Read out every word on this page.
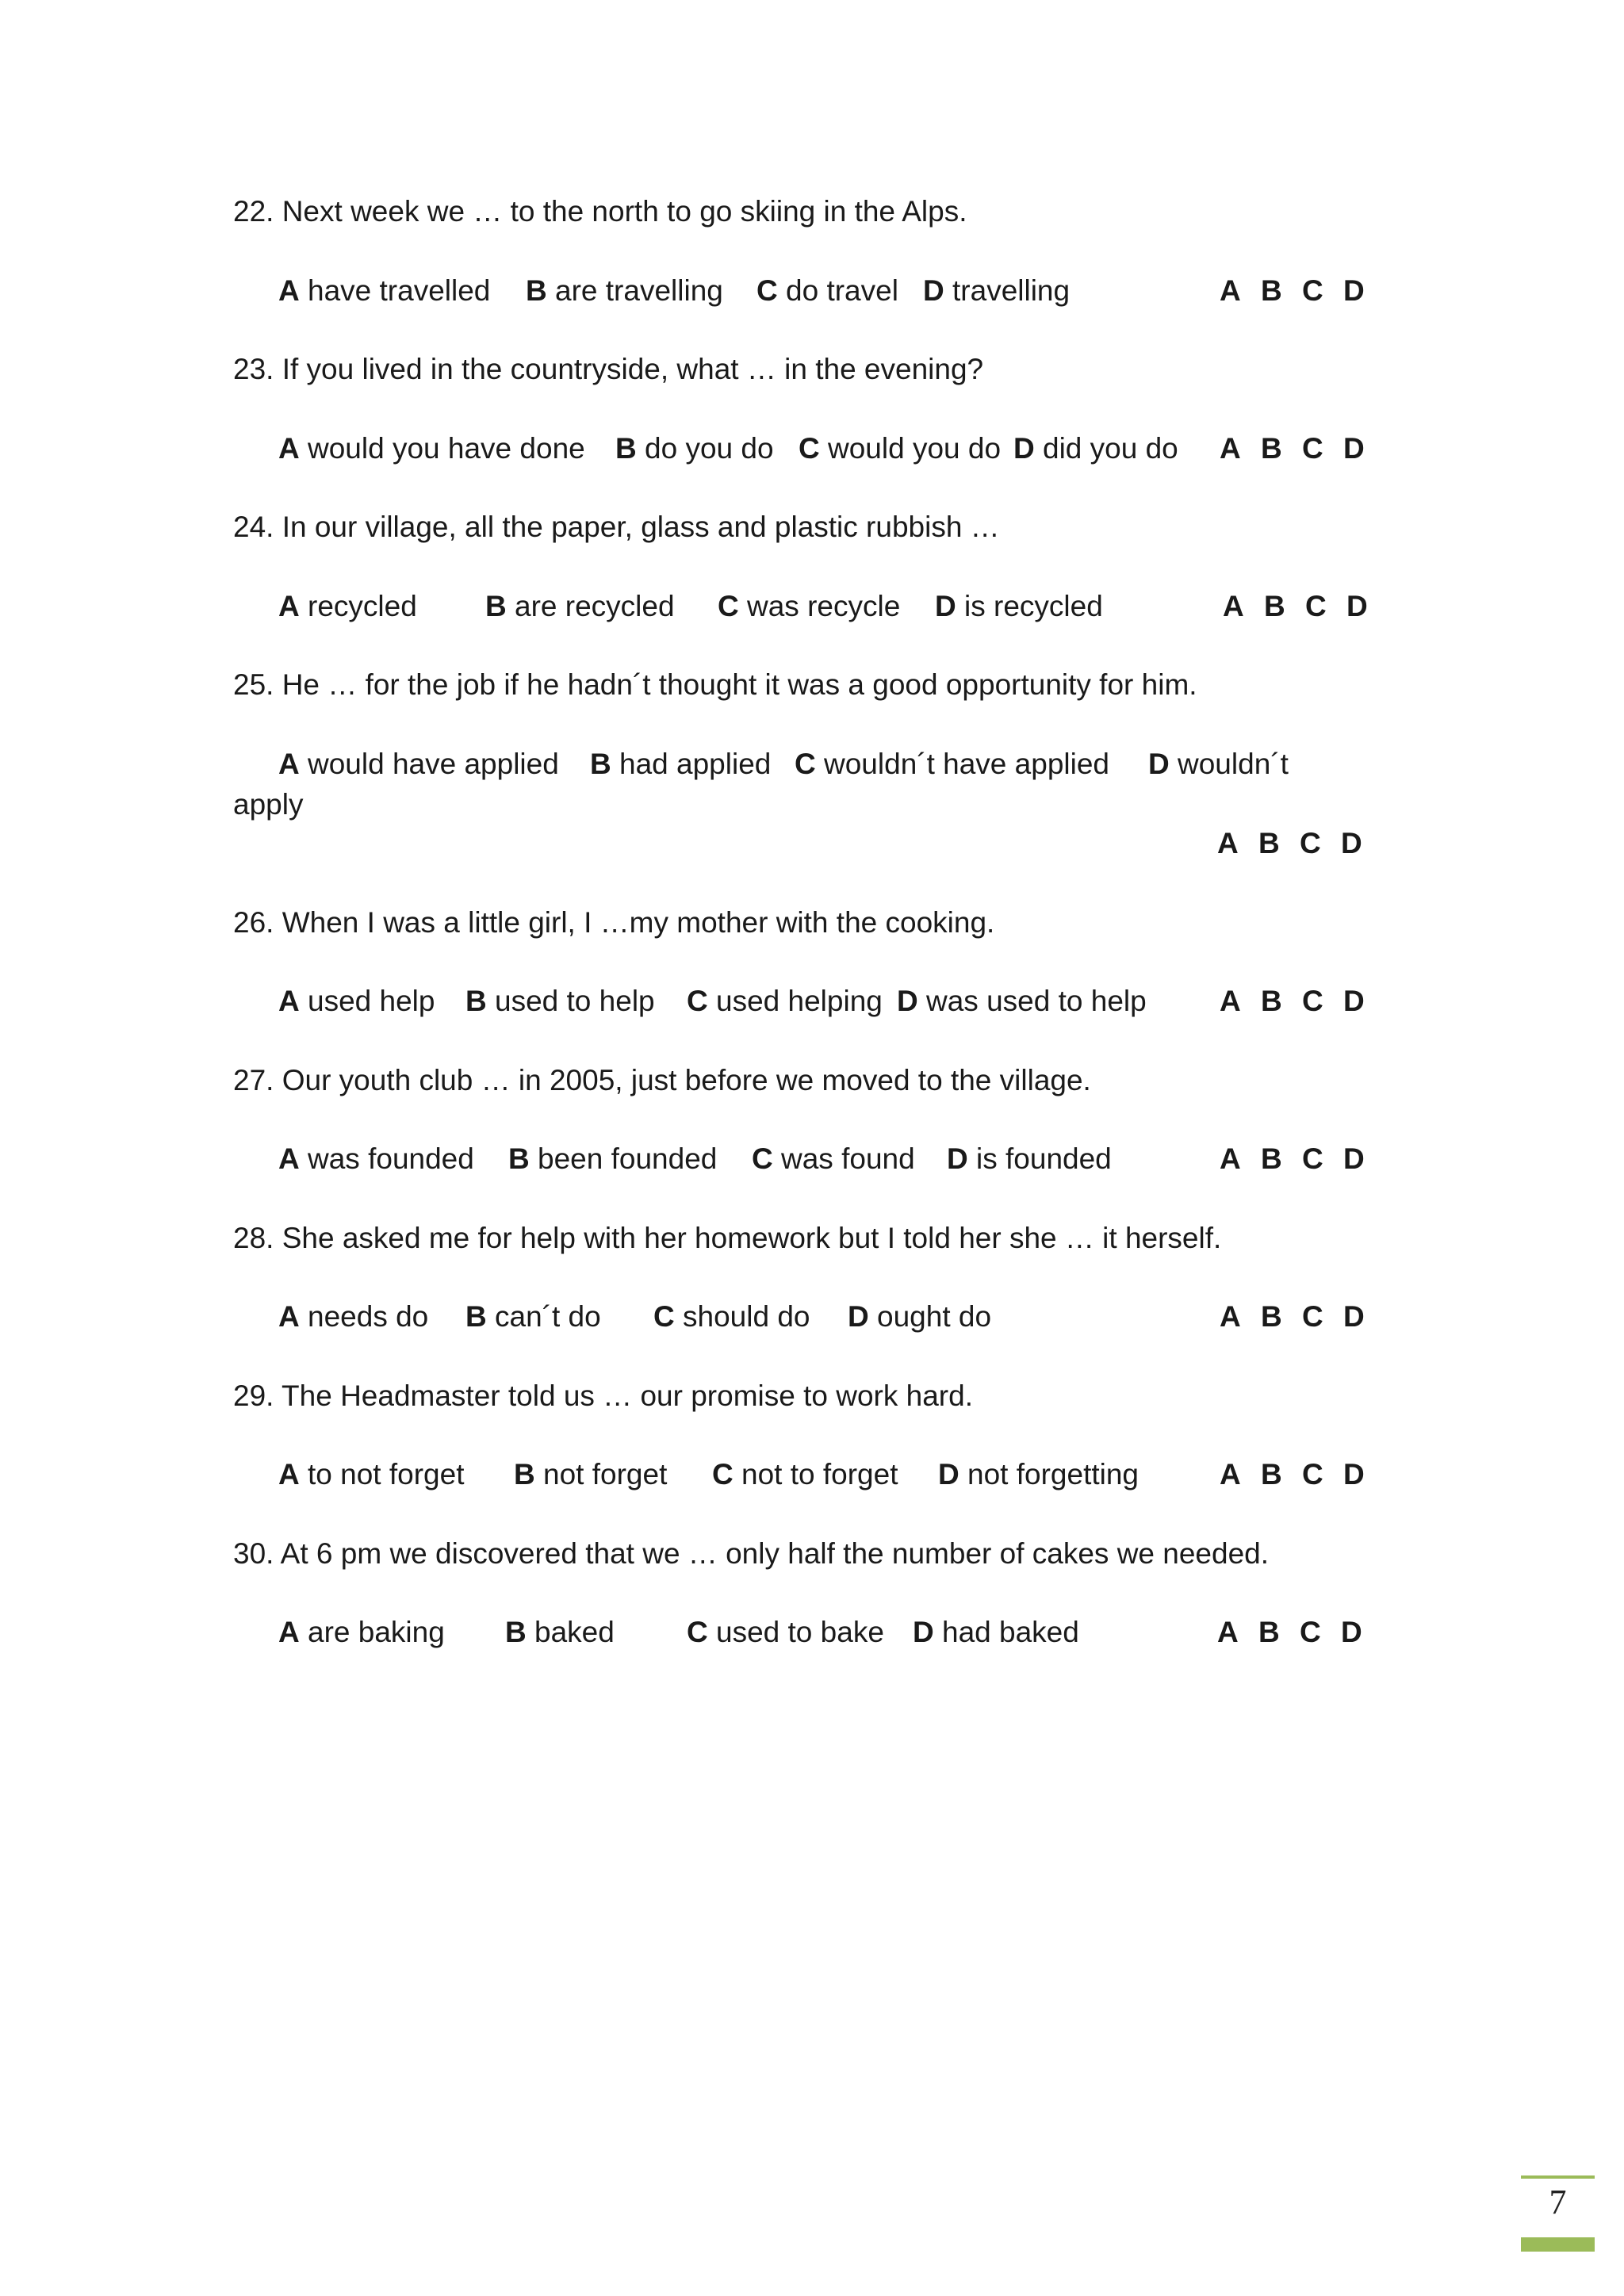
22. Next week we … to the north to go skiing in the Alps.
A have travelled B are travelling C do travel D travelling	A B C D
23. If you lived in the countryside, what … in the evening?
A would you have done B do you do C would you do D did you do A B C D
24. In our village, all the paper, glass and plastic rubbish …
A recycled B are recycled C was recycle D is recycled	A B C D
25. He … for the job if he hadn´t thought it was a good opportunity for him.
A would have applied B had applied C wouldn´t have applied D wouldn´t
apply
A B C D
26. When I was a little girl, I …my mother with the cooking.
A used help B used to help C used helping D was used to help A B C D
27. Our youth club … in 2005, just before we moved to the village.
A was founded B been founded C was found D is founded	A B C D
28. She asked me for help with her homework but I told her she … it herself.
A needs do B can´t do C should do D ought do	A B C D
29. The Headmaster told us … our promise to work hard.
A to not forget B not forget C not to forget D not forgetting	A B C D
30. At 6 pm we discovered that we … only half the number of cakes we needed.
A are baking B baked C used to bake D had baked	A B C D
7
